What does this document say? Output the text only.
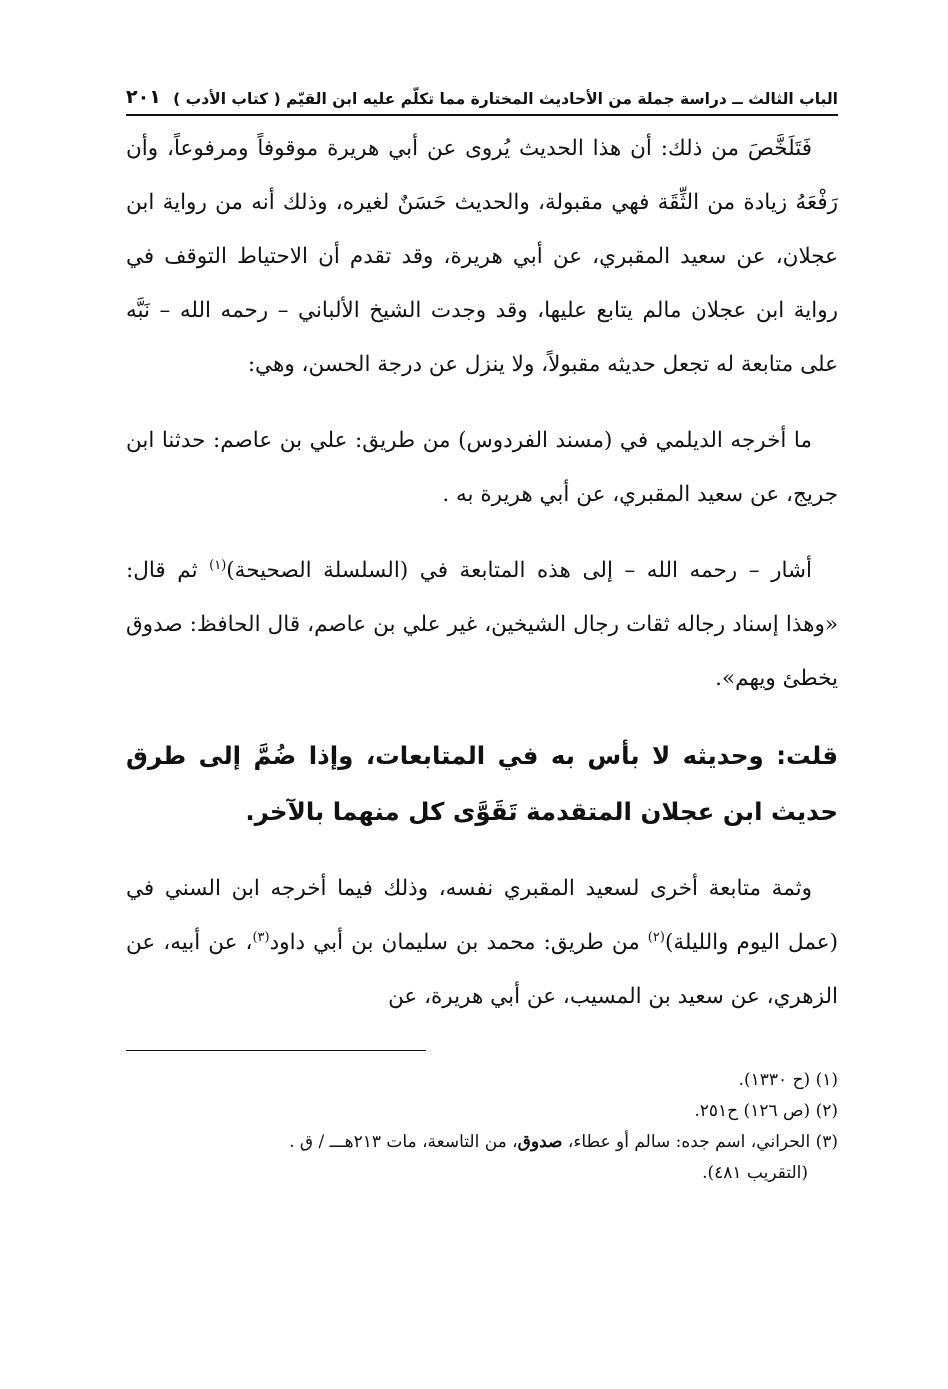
الباب الثالث ــ دراسة جملة من الأحاديث المختارة مما تكلّم عليه ابن القيّم ( كتاب الأدب )
٢٠١

فَتَلَخَّصَ من ذلك: أن هذا الحديث يُروى عن أبي هريرة موقوفاً ومرفوعاً، وأن رَفْعَهُ زيادة من الثِّقَة فهي مقبولة، والحديث حَسَنٌ لغيره، وذلك أنه من رواية ابن عجلان، عن سعيد المقبري، عن أبي هريرة، وقد تقدم أن الاحتياط التوقف في رواية ابن عجلان مالم يتابع عليها، وقد وجدت الشيخ الألباني – رحمه الله – نَبَّه على متابعة له تجعل حديثه مقبولاً، ولا ينزل عن درجة الحسن، وهي:

ما أخرجه الديلمي في (مسند الفردوس) من طريق: علي بن عاصم: حدثنا ابن جريج، عن سعيد المقبري، عن أبي هريرة به .

أشار – رحمه الله – إلى هذه المتابعة في (السلسلة الصحيحة)$^{(١)}$ ثم قال: «وهذا إسناد رجاله ثقات رجال الشيخين، غير علي بن عاصم، قال الحافظ: صدوق يخطئ ويهم».

قلت: وحديثه لا بأس به في المتابعات، وإذا ضُمَّ إلى طرق حديث ابن عجلان المتقدمة تَقَوَّى كل منهما بالآخر.

وثمة متابعة أخرى لسعيد المقبري نفسه، وذلك فيما أخرجه ابن السني في (عمل اليوم والليلة)$^{(٢)}$ من طريق: محمد بن سليمان بن أبي داود$^{(٣)}$، عن أبيه، عن الزهري، عن سعيد بن المسيب، عن أبي هريرة، عن

(١) (ح ١٣٣٠).

(٢) (ص ١٢٦) ح٢٥١.

(٣) الحراني، اسم جده: سالم أو عطاء، صدوق، من التاسعة، مات ٢١٣هـــ / ق .

(التقريب ٤٨١).
